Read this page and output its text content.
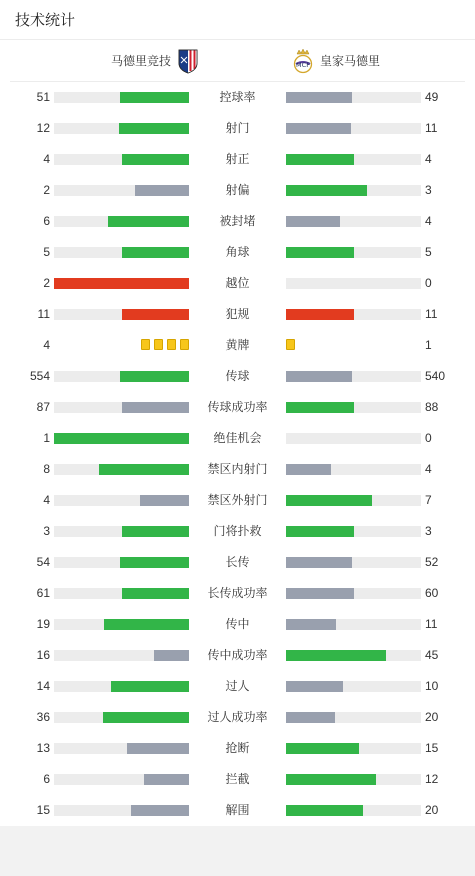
技术统计
马德里竞技	MCF 皇家马德里
51	控球率	49
12	射门	11
4	射正	4
2	射偏	3
6	被封堵	4
5	角球	5
2	越位	0
11	犯规	11
4	黄牌	1
554	传球	540
87	传球成功率	88
1	绝佳机会	0
8	禁区内射门	4
4	禁区外射门	7
3	门将扑救	3
54	长传	52
61	长传成功率	60
19	传中	11
16	传中成功率	45
14	过人	10
36	过人成功率	20
13	抢断	15
6	拦截	12
15	解围	20
